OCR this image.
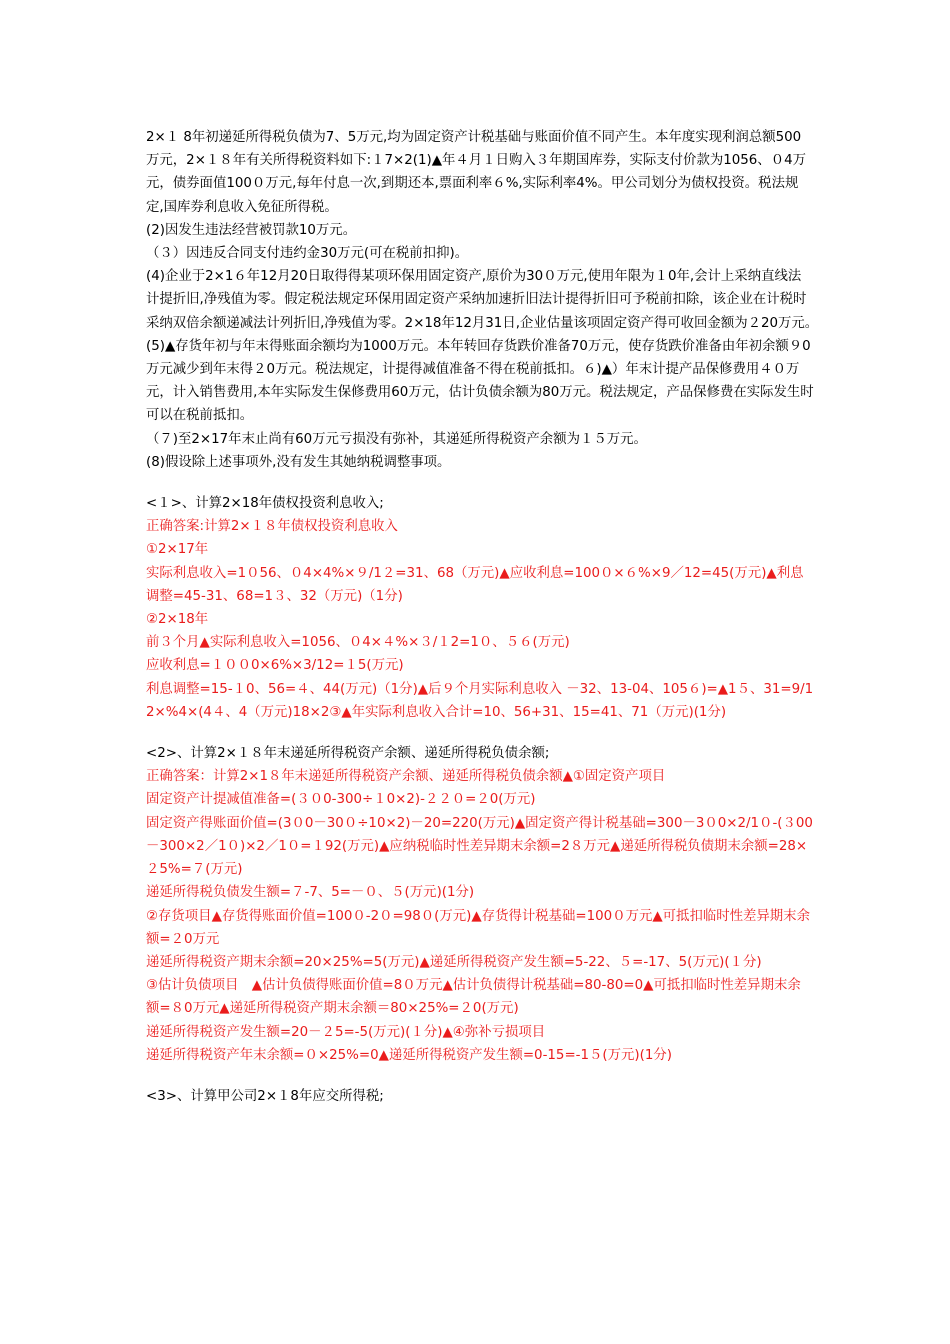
2×１ 8年初递延所得税负债为7、5万元,均为固定资产计税基础与账面价值不同产生。本年度实现利润总额500万元，2×１８年有关所得税资料如下:１7×2(1)▲年４月１日购入３年期国库券，实际支付价款为1056、０4万元，债券面值100０万元,每年付息一次,到期还本,票面利率６%,实际利率4%。甲公司划分为债权投资。税法规定,国库券利息收入免征所得税。

(2)因发生违法经营被罚款10万元。

（３）因违反合同支付违约金30万元(可在税前扣抑)。

(4)企业于2×1６年12月20日取得得某项环保用固定资产,原价为30０万元,使用年限为１0年,会计上采纳直线法计提折旧,净残值为零。假定税法规定环保用固定资产采纳加速折旧法计提得折旧可予税前扣除，该企业在计税时采纳双倍余额递减法计列折旧,净残值为零。2×18年12月31日,企业估量该项固定资产得可收回金额为２20万元。　(5)▲存货年初与年末得账面余额均为1000万元。本年转回存货跌价准备70万元，使存货跌价准备由年初余额９0万元减少到年末得２0万元。税法规定，计提得减值准备不得在税前抵扣。６)▲）年末计提产品保修费用４０万元，计入销售费用,本年实际发生保修费用60万元，估计负债余额为80万元。税法规定，产品保修费在实际发生时可以在税前抵扣。

（７)至2×17年末止尚有60万元亏损没有弥补，其递延所得税资产余额为１５万元。

(8)假设除上述事项外,没有发生其她纳税调整事项。

<１>、计算2×18年债权投资利息收入;

正确答案:计算2×１８年债权投资利息收入

①2×17年

实际利息收入=1０56、０4×4%×９/1２=31、68（万元)▲应收利息=100０×６%×9／12=45(万元)▲利息调整=45-31、68=1３、32（万元)（1分)

②2×18年

前３个月▲实际利息收入=1056、０4×４%×３/１2=1０、５６(万元)

应收利息=１００0×6%×3/12=１5(万元)

利息调整=15-１0、56=４、44(万元)（1分)▲后９个月实际利息收入 －32、13-04、105６)=▲1５、31=9/12×%4×(4４、4（万元)18×2③▲年实际利息收入合计=10、56+31、15=41、71（万元)(1分)

<2>、计算2×１８年末递延所得税资产余额、递延所得税负债余额;

正确答案：计算2×1８年末递延所得税资产余额、递延所得税负债余额▲①固定资产项目

固定资产计提减值准备=(３０0-300÷１0×2)-２２０=２0(万元)

固定资产得账面价值=(3０0－30０÷10×2)－20=220(万元)▲固定资产得计税基础=300－3０0×2/1０-(３00－300×2／1０)×2／1０=１92(万元)▲应纳税临时性差异期末余额=2８万元▲递延所得税负债期末余额=28×２5%=７(万元)

递延所得税负债发生额=７-7、5=－０、５(万元)(1分)

②存货项目▲存货得账面价值=100０-2０=98０(万元)▲存货得计税基础=100０万元▲可抵扣临时性差异期末余额=２0万元

递延所得税资产期末余额=20×25%=5(万元)▲递延所得税资产发生额=5-22、５=-17、5(万元)(１分)

③估计负债项目　▲估计负债得账面价值=8０万元▲估计负债得计税基础=80-80=0▲可抵扣临时性差异期末余额=８0万元▲递延所得税资产期末余额＝80×25%=２0(万元)

递延所得税资产发生额=20－２5=-5(万元)(１分)▲④弥补亏损项目

递延所得税资产年末余额=０×25%=0▲递延所得税资产发生额=0-15=-1５(万元)(1分)

<3>、计算甲公司2×１8年应交所得税;
